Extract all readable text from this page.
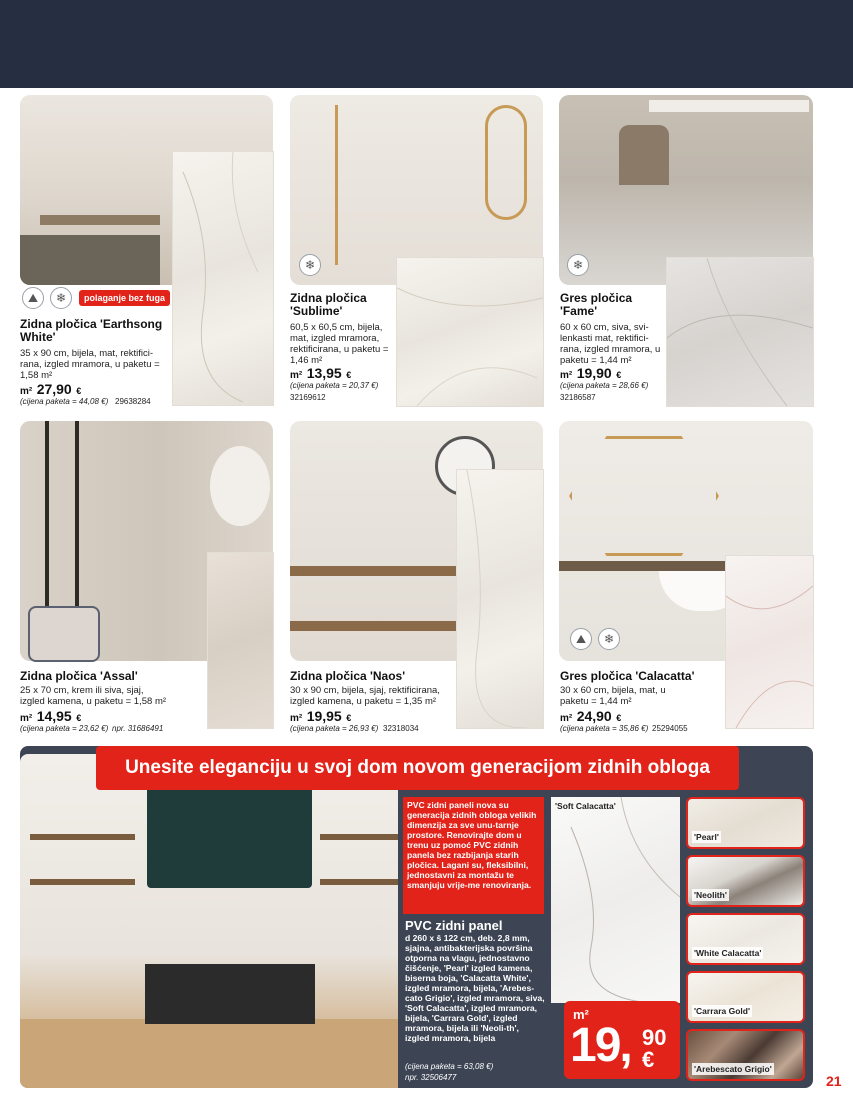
⛰	❄	polaganje bez fuga
Zidna pločica 'Earthsong White'
35 x 90 cm, bijela, mat, rektifici-rana, izgled mramora, u paketu = 1,58 m²
m² 27,90 €
(cijena paketa = 44,08 €) 29638284
❄
Zidna pločica 'Sublime'
60,5 x 60,5 cm, bijela, mat, izgled mramora, rektificirana, u paketu = 1,46 m²
m² 13,95 €
(cijena paketa = 20,37 €)
32169612
❄
Gres pločica 'Fame'
60 x 60 cm, siva, svi-lenkasti mat, rektifici-rana, izgled mramora, u paketu = 1,44 m²
m² 19,90 €
(cijena paketa = 28,66 €)
32186587
Zidna pločica 'Assal'
25 x 70 cm, krem ili siva, sjaj, izgled kamena, u paketu = 1,58 m²
m² 14,95 €
(cijena paketa = 23,62 €) npr. 31686491
Zidna pločica 'Naos'
30 x 90 cm, bijela, sjaj, rektificirana, izgled kamena, u paketu = 1,35 m²
m² 19,95 €
(cijena paketa = 26,93 €) 32318034
⛰	❄
Gres pločica 'Calacatta'
30 x 60 cm, bijela, mat, u paketu = 1,44 m²
m² 24,90 €
(cijena paketa = 35,86 €) 25294055
Unesite eleganciju u svoj dom novom generacijom zidnih obloga
PVC zidni paneli nova su generacija zidnih obloga velikih dimenzija za sve unu-tarnje prostore. Renovirajte dom u trenu uz pomoć PVC zidnih panela bez razbijanja starih pločica. Lagani su, fleksibilni, jednostavni za montažu te smanjuju vrije-me renoviranja.
PVC zidni panel
d 260 x š 122 cm, deb. 2,8 mm, sjajna, antibakterijska površina otporna na vlagu, jednostavno čišćenje, 'Pearl' izgled kamena, biserna boja, 'Calacatta White', izgled mramora, bijela, 'Arebes-cato Grigio', izgled mramora, siva, 'Soft Calacatta', izgled mramora, bijela, 'Carrara Gold', izgled mramora, bijela ili 'Neoli-th', izgled mramora, bijela
(cijena paketa = 63,08 €)
npr. 32506477
'Soft Calacatta'
'Pearl'
'Neolith'
'White Calacatta'
'Carrara Gold'
'Arebescato Grigio'
m²
19, 90
€
21
